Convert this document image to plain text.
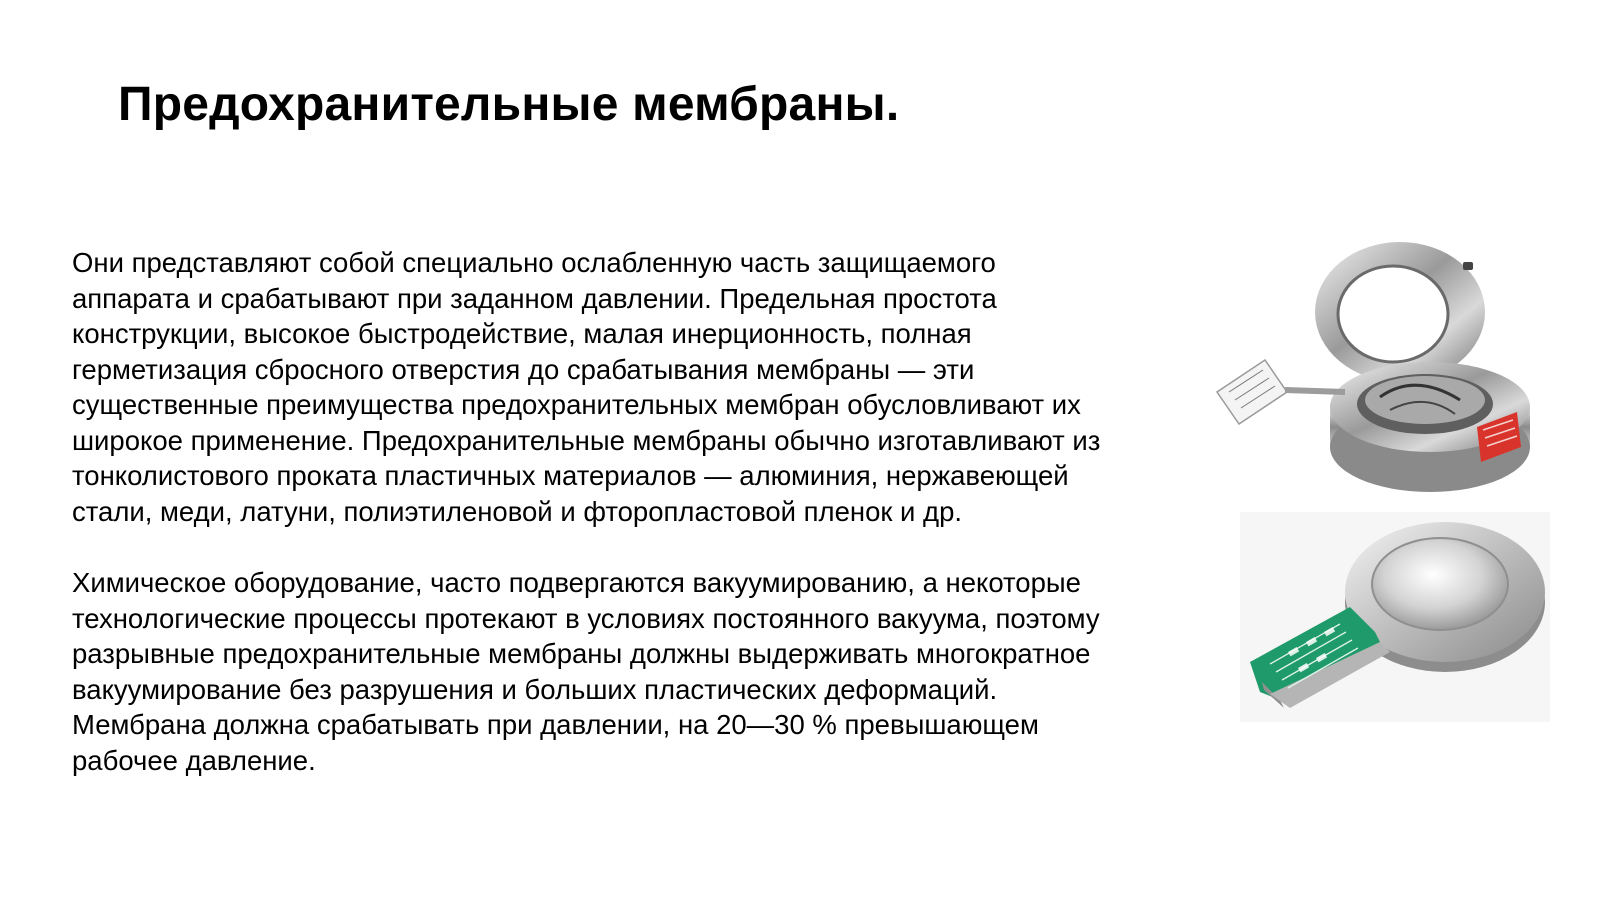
Предохранительные мембраны.

Они представляют собой специально ослабленную часть защищаемого
аппарата и срабатывают при заданном давлении. Предельная простота
конструкции, высокое быстродействие, малая инерционность, полная
герметизация сбросного отверстия до срабатывания мембраны — эти
существенные преимущества предохранительных мембран обусловливают их
широкое применение. Предохранительные мембраны обычно изготавливают из
тонколистового проката пластичных материалов — алюминия, нержавеющей
стали, меди, латуни, полиэтиленовой и фторопластовой пленок и др.

Химическое оборудование, часто подвергаются вакуумированию, а некоторые
технологические процессы протекают в условиях постоянного вакуума, поэтому
разрывные предохранительные мембраны должны выдерживать многократное
вакуумирование без разрушения и больших пластических деформаций.
Мембрана должна срабатывать при давлении, на 20—30 % превышающем
рабочее давление.
